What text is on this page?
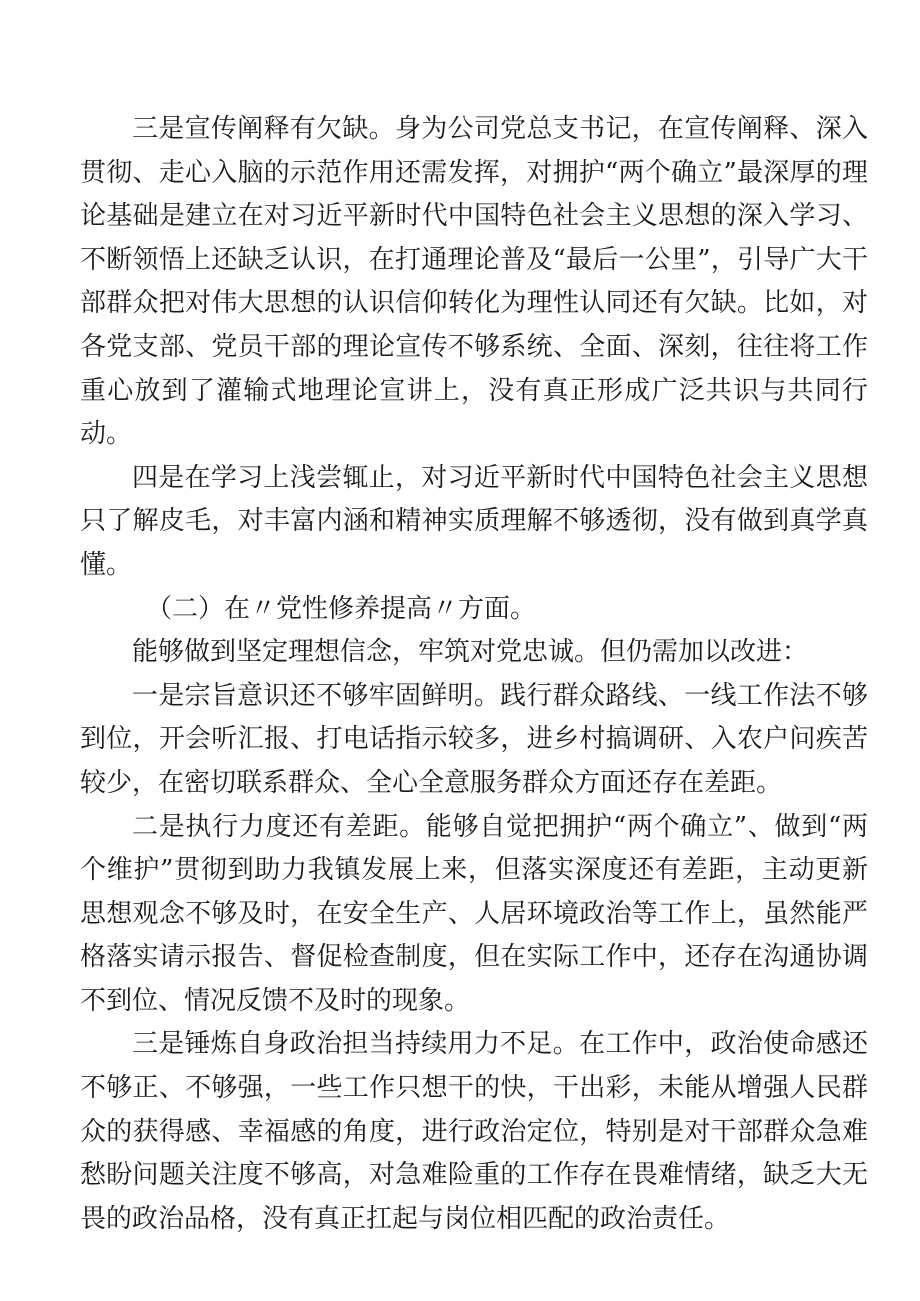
三是宣传阐释有欠缺。身为公司党总支书记，在宣传阐释、深入贯彻、走心入脑的示范作用还需发挥，对拥护“两个确立”最深厚的理论基础是建立在对习近平新时代中国特色社会主义思想的深入学习、不断领悟上还缺乏认识，在打通理论普及“最后一公里”，引导广大干部群众把对伟大思想的认识信仰转化为理性认同还有欠缺。比如，对各党支部、党员干部的理论宣传不够系统、全面、深刻，往往将工作重心放到了灌输式地理论宣讲上，没有真正形成广泛共识与共同行动。

四是在学习上浅尝辄止，对习近平新时代中国特色社会主义思想只了解皮毛，对丰富内涵和精神实质理解不够透彻，没有做到真学真懂。

（二）在〃党性修养提高〃方面。

能够做到坚定理想信念，牢筑对党忠诚。但仍需加以改进：

一是宗旨意识还不够牢固鲜明。践行群众路线、一线工作法不够到位，开会听汇报、打电话指示较多，进乡村搞调研、入农户问疾苦较少，在密切联系群众、全心全意服务群众方面还存在差距。

二是执行力度还有差距。能够自觉把拥护“两个确立”、做到“两个维护”贯彻到助力我镇发展上来，但落实深度还有差距，主动更新思想观念不够及时，在安全生产、人居环境政治等工作上，虽然能严格落实请示报告、督促检查制度，但在实际工作中，还存在沟通协调不到位、情况反馈不及时的现象。

三是锤炼自身政治担当持续用力不足。在工作中，政治使命感还不够正、不够强，一些工作只想干的快，干出彩，未能从增强人民群众的获得感、幸福感的角度，进行政治定位，特别是对干部群众急难愁盼问题关注度不够高，对急难险重的工作存在畏难情绪，缺乏大无畏的政治品格，没有真正扛起与岗位相匹配的政治责任。
